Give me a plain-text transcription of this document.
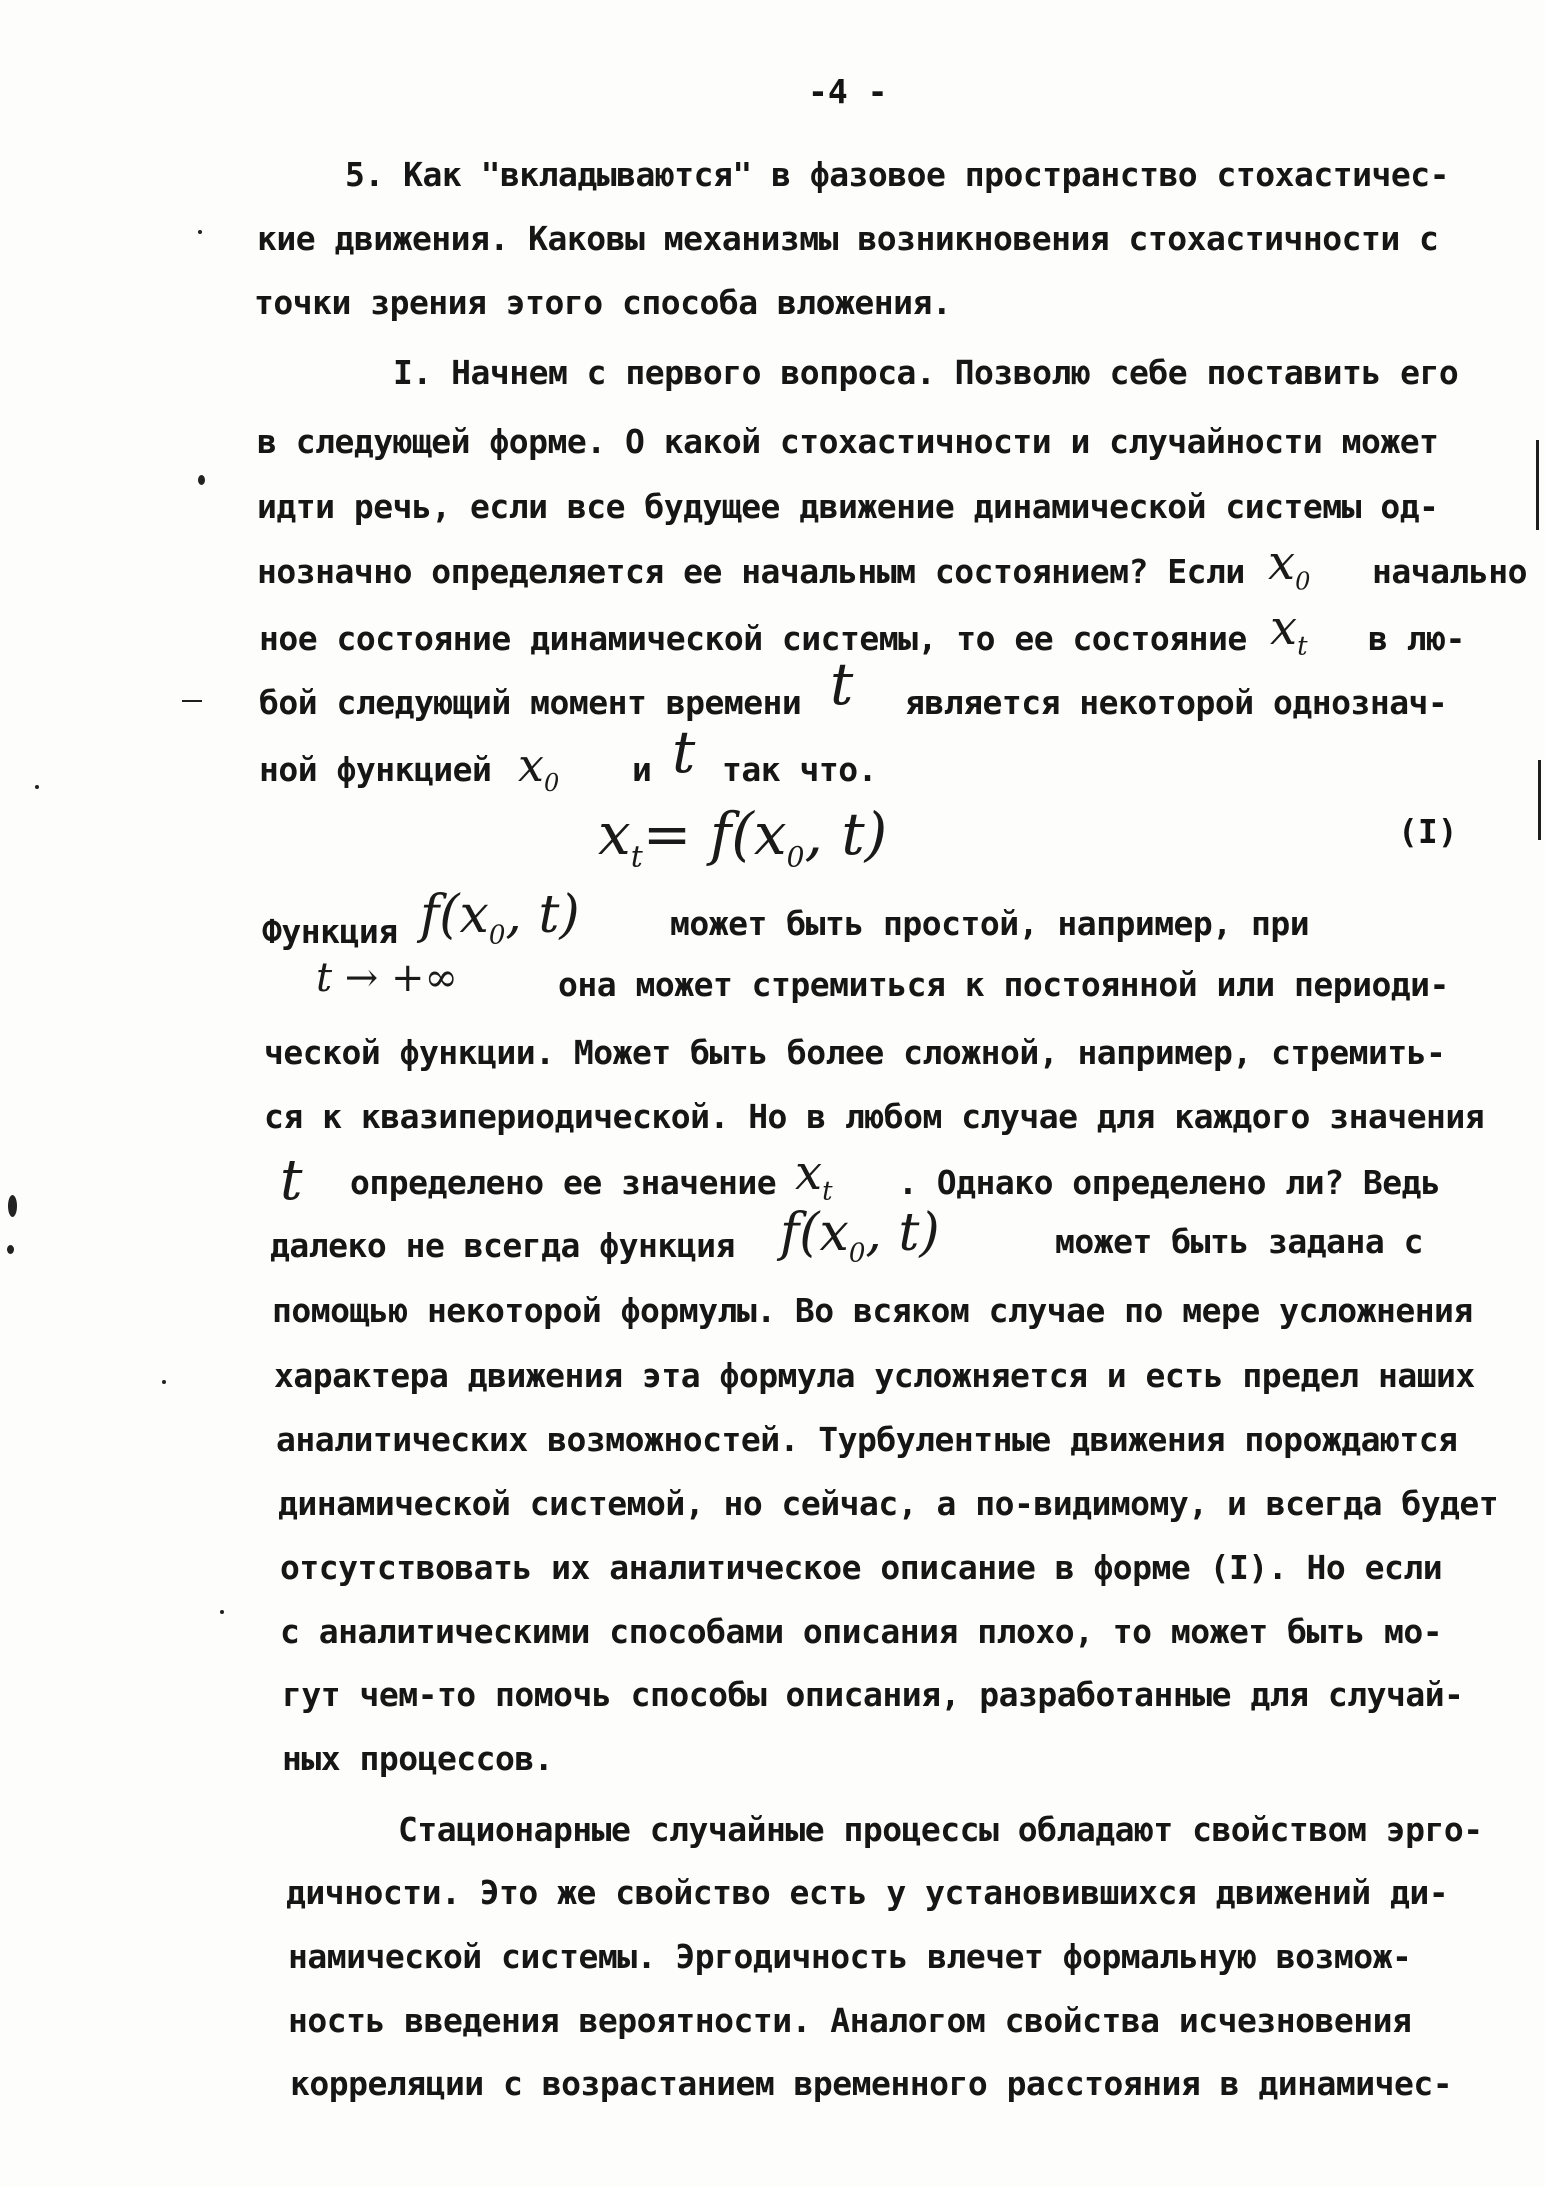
-4 -
5. Как "вкладываются" в фазовое пространство стохастичес-
кие движения. Каковы механизмы возникновения стохастичности с
точки зрения этого способа вложения.
I. Начнем с первого вопроса. Позволю себе поставить его
в следующей форме. О какой стохастичности и случайности может
идти речь, если все будущее движение динамической системы од-
нозначно определяется ее начальным состоянием? Если $x_0$ начально
ное состояние динамической системы, то ее состояние $x_t$ в лю-
бой следующий момент времени t является некоторой однознач-
ной функцией $x_0$ и t так что.
$x_t= f(x_0$, t)	(I)
Функция $f(x_0$, t)	может быть простой, например, при
t → +∞	она может стремиться к постоянной или периоди-
ческой функции. Может быть более сложной, например, стремить-
ся к квазипериодической. Но в любом случае для каждого значения
t определено ее значение $x_t$ . Однако определено ли? Ведь
далеко не всегда функция $f(x_0$, t)	может быть задана с
помощью некоторой формулы. Во всяком случае по мере усложнения
характера движения эта формула усложняется и есть предел наших
аналитических возможностей. Турбулентные движения порождаются
динамической системой, но сейчас, а по-видимому, и всегда будет
отсутствовать их аналитическое описание в форме (I). Но если
с аналитическими способами описания плохо, то может быть мо-
гут чем-то помочь способы описания, разработанные для случай-
ных процессов.
Стационарные случайные процессы обладают свойством эрго-
дичности. Это же свойство есть у установившихся движений ди-
намической системы. Эргодичность влечет формальную возмож-
ность введения вероятности. Аналогом свойства исчезновения
корреляции с возрастанием временного расстояния в динамичес-
